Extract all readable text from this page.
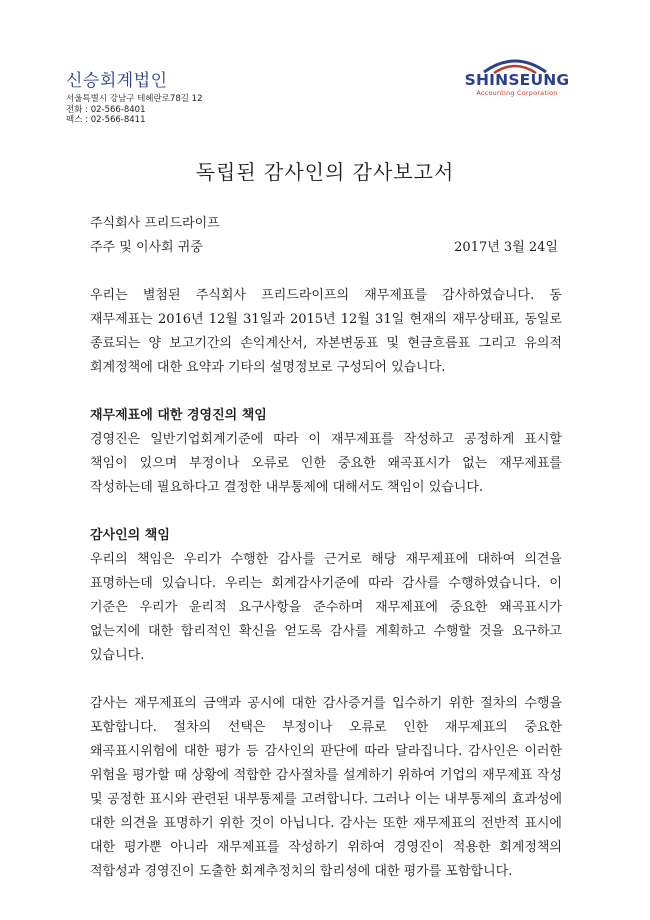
신승회계법인
서울특별시 강남구 테헤란로78길 12
전화 : 02-566-8401
팩스 : 02-566-8411
SHINSEUNG
Accounting Corporation
독립된 감사인의 감사보고서
주식회사 프리드라이프
주주 및 이사회 귀중	2017년 3월 24일

우리는 별첨된 주식회사 프리드라이프의 재무제표를 감사하였습니다. 동 재무제표는 2016년 12월 31일과 2015년 12월 31일 현재의 재무상태표, 동일로 종료되는 양 보고기간의 손익계산서, 자본변동표 및 현금흐름표 그리고 유의적 회계정책에 대한 요약과 기타의 설명정보로 구성되어 있습니다.

재무제표에 대한 경영진의 책임

경영진은 일반기업회계기준에 따라 이 재무제표를 작성하고 공정하게 표시할 책임이 있으며 부정이나 오류로 인한 중요한 왜곡표시가 없는 재무제표를 작성하는데 필요하다고 결정한 내부통제에 대해서도 책임이 있습니다.

감사인의 책임

우리의 책임은 우리가 수행한 감사를 근거로 해당 재무제표에 대하여 의견을 표명하는데 있습니다. 우리는 회계감사기준에 따라 감사를 수행하였습니다. 이 기준은 우리가 윤리적 요구사항을 준수하며 재무제표에 중요한 왜곡표시가 없는지에 대한 합리적인 확신을 얻도록 감사를 계획하고 수행할 것을 요구하고 있습니다.

감사는 재무제표의 금액과 공시에 대한 감사증거를 입수하기 위한 절차의 수행을 포함합니다. 절차의 선택은 부정이나 오류로 인한 재무제표의 중요한 왜곡표시위험에 대한 평가 등 감사인의 판단에 따라 달라집니다. 감사인은 이러한 위험을 평가할 때 상황에 적합한 감사절차를 설계하기 위하여 기업의 재무제표 작성 및 공정한 표시와 관련된 내부통제를 고려합니다. 그러나 이는 내부통제의 효과성에 대한 의견을 표명하기 위한 것이 아닙니다. 감사는 또한 재무제표의 전반적 표시에 대한 평가뿐 아니라 재무제표를 작성하기 위하여 경영진이 적용한 회계정책의 적합성과 경영진이 도출한 회계추정치의 합리성에 대한 평가를 포함합니다.
